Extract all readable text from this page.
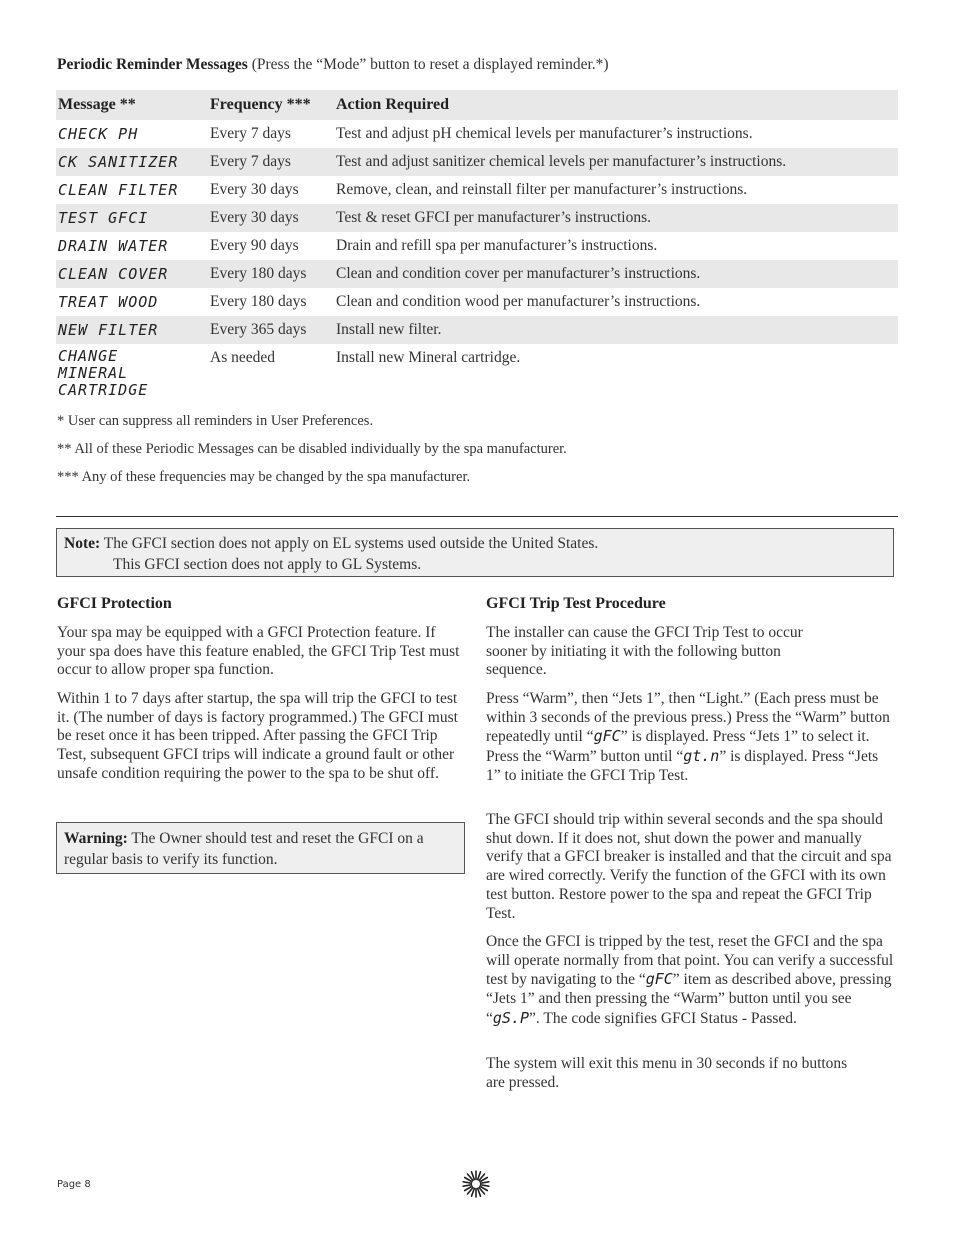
Periodic Reminder Messages (Press the “Mode” button to reset a displayed reminder.*)
Message **	Frequency ***	Action Required
CHECK PH	Every 7 days	Test and adjust pH chemical levels per manufacturer’s instructions.
CK SANITIZER	Every 7 days	Test and adjust sanitizer chemical levels per manufacturer’s instructions.
CLEAN FILTER	Every 30 days	Remove, clean, and reinstall filter per manufacturer’s instructions.
TEST GFCI	Every 30 days	Test & reset GFCI per manufacturer’s instructions.
DRAIN WATER	Every 90 days	Drain and refill spa per manufacturer’s instructions.
CLEAN COVER	Every 180 days	Clean and condition cover per manufacturer’s instructions.
TREAT WOOD	Every 180 days	Clean and condition wood per manufacturer’s instructions.
NEW FILTER	Every 365 days	Install new filter.

CHANGE
MINERAL
CARTRIDGE	As needed	Install new Mineral cartridge.
* User can suppress all reminders in User Preferences.
** All of these Periodic Messages can be disabled individually by the spa manufacturer.
*** Any of these frequencies may be changed by the spa manufacturer.
Note: The GFCI section does not apply on EL systems used outside the United States.
This GFCI section does not apply to GL Systems.
GFCI Protection

Your spa may be equipped with a GFCI Protection feature. If your spa does have this feature enabled, the GFCI Trip Test must occur to allow proper spa function.

Within 1 to 7 days after startup, the spa will trip the GFCI to test it. (The number of days is factory programmed.) The GFCI must be reset once it has been tripped. After passing the GFCI Trip Test, subsequent GFCI trips will indicate a ground fault or other unsafe condition requiring the power to the spa to be shut off.

Warning: The Owner should test and reset the GFCI on a regular basis to verify its function.
GFCI Trip Test Procedure

The installer can cause the GFCI Trip Test to occur sooner by initiating it with the following button sequence.

Press “Warm”, then “Jets 1”, then “Light.” (Each press must be within 3 seconds of the previous press.) Press the “Warm” button repeatedly until “gFC” is displayed. Press “Jets 1” to select it. Press the “Warm” button until “gt.n” is displayed. Press “Jets 1” to initiate the GFCI Trip Test.

The GFCI should trip within several seconds and the spa should shut down. If it does not, shut down the power and manually verify that a GFCI breaker is installed and that the circuit and spa are wired correctly. Verify the function of the GFCI with its own test button. Restore power to the spa and repeat the GFCI Trip Test.

Once the GFCI is tripped by the test, reset the GFCI and the spa will operate normally from that point. You can verify a successful test by navigating to the “gFC” item as described above, pressing “Jets 1” and then pressing the “Warm” button until you see “gS.P”. The code signifies GFCI Status - Passed.

The system will exit this menu in 30 seconds if no buttons are pressed.

Page 8
